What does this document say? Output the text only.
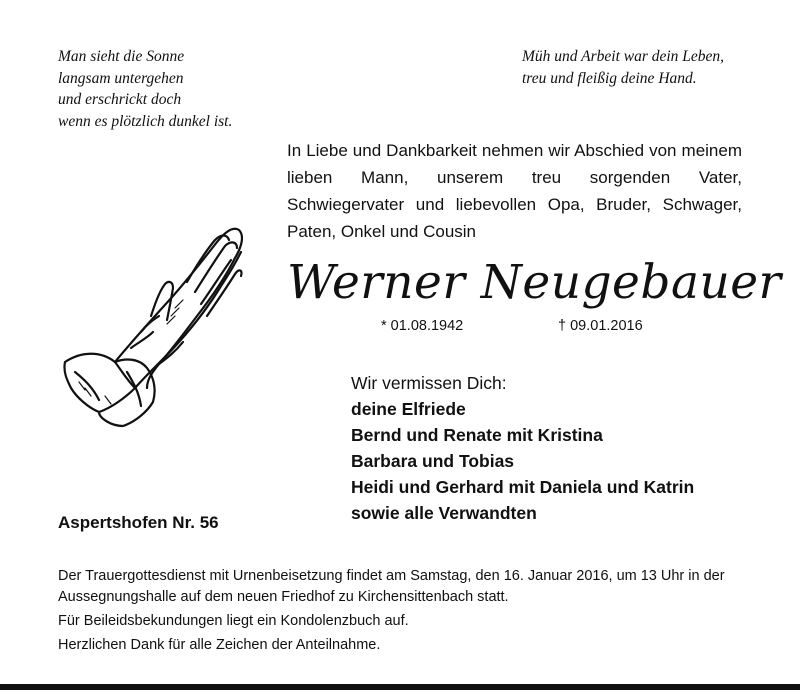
Man sieht die Sonne
langsam untergehen
und erschrickt doch
wenn es plötzlich dunkel ist.
Müh und Arbeit war dein Leben,
treu und fleißig deine Hand.
In Liebe und Dankbarkeit nehmen wir Abschied von meinem lieben Mann, unserem treu sorgenden Vater, Schwiegervater und liebevollen Opa, Bruder, Schwager, Paten, Onkel und Cousin
Werner Neugebauer
* 01.08.1942	† 09.01.2016
Wir vermissen Dich:
deine Elfriede
Bernd und Renate mit Kristina
Barbara und Tobias
Heidi und Gerhard mit Daniela und Katrin
sowie alle Verwandten
Aspertshofen Nr. 56

Der Trauergottesdienst mit Urnenbeisetzung findet am Samstag, den 16. Januar 2016, um 13 Uhr in der Aussegnungshalle auf dem neuen Friedhof zu Kirchensittenbach statt.

Für Beileidsbekundungen liegt ein Kondolenzbuch auf.

Herzlichen Dank für alle Zeichen der Anteilnahme.
